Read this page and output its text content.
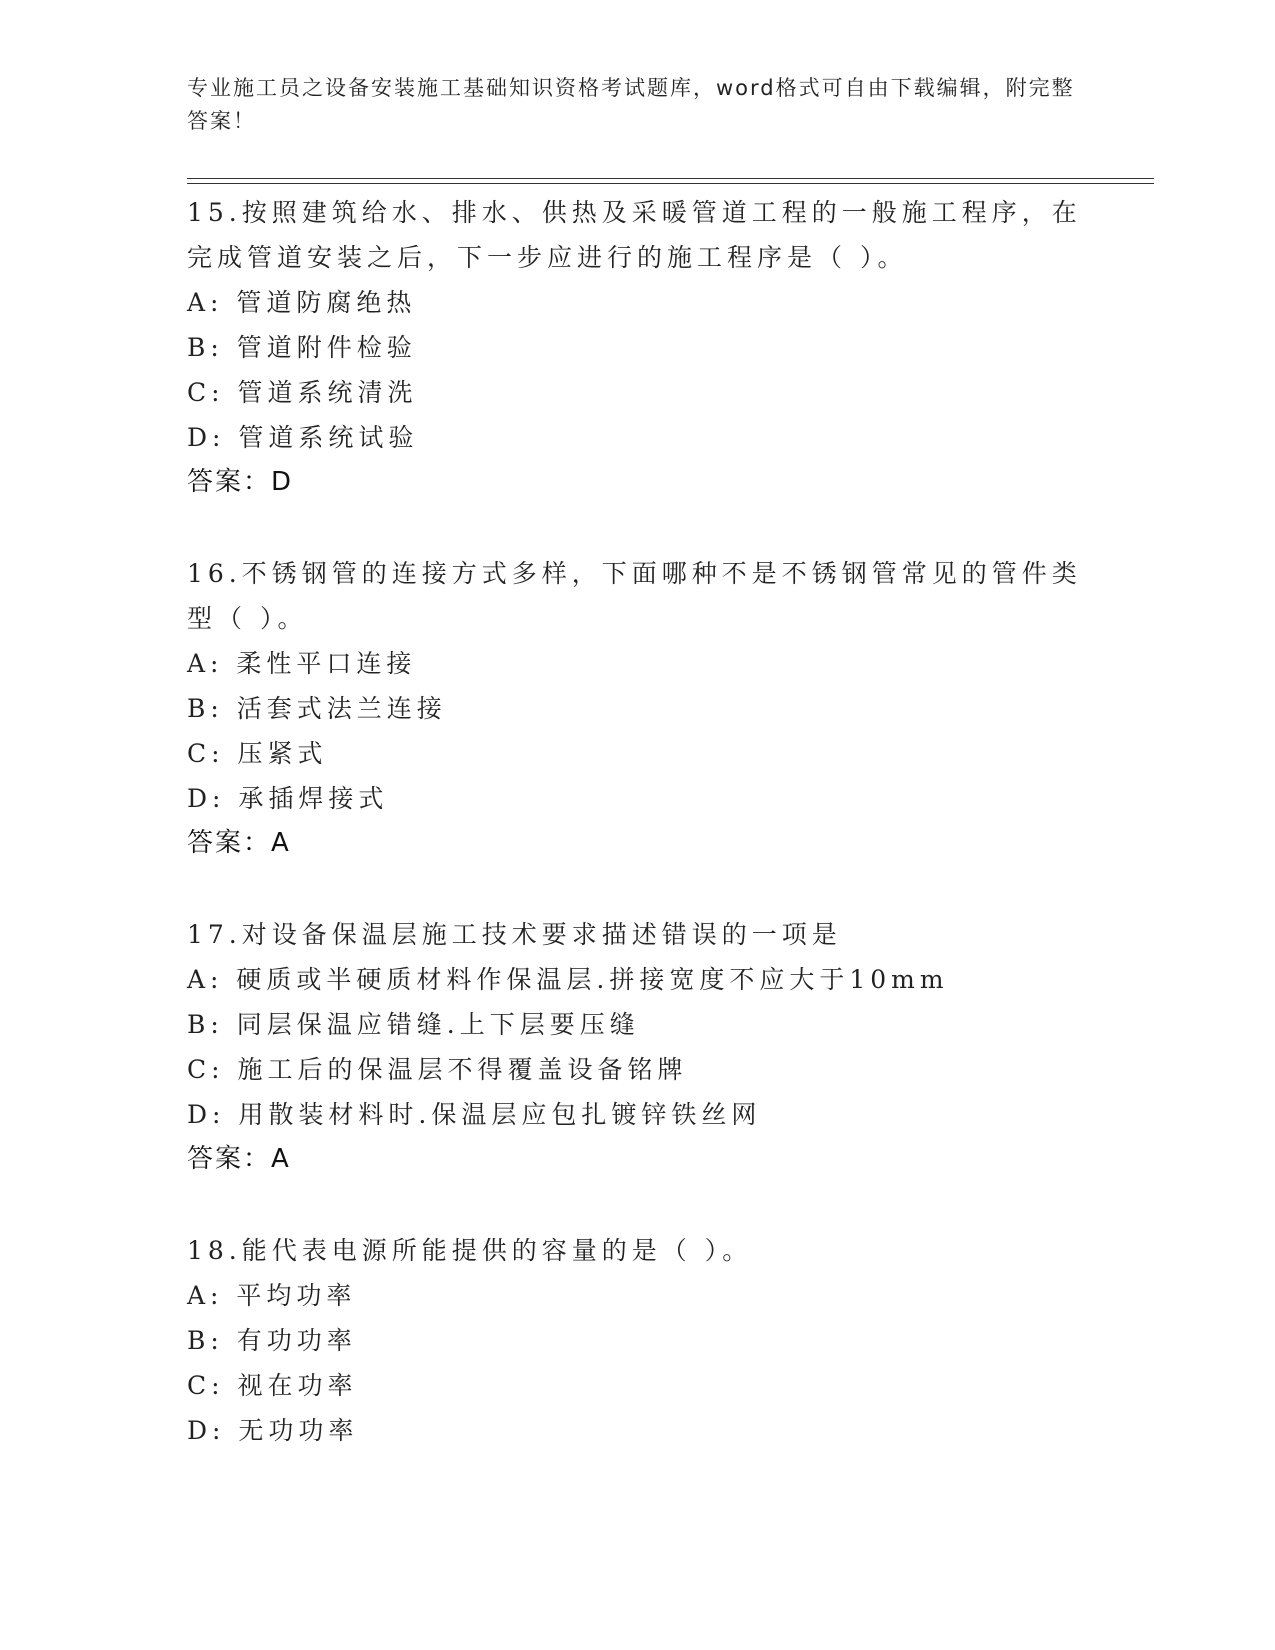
专业施工员之设备安装施工基础知识资格考试题库，word格式可自由下载编辑，附完整答案！

15.按照建筑给水、排水、供热及采暖管道工程的一般施工程序，在完成管道安装之后，下一步应进行的施工程序是（ ）。

A: 管道防腐绝热

B: 管道附件检验

C: 管道系统清洗

D: 管道系统试验

答案：D

16.不锈钢管的连接方式多样，下面哪种不是不锈钢管常见的管件类型（ ）。

A: 柔性平口连接

B: 活套式法兰连接

C: 压紧式

D: 承插焊接式

答案：A

17.对设备保温层施工技术要求描述错误的一项是

A: 硬质或半硬质材料作保温层.拼接宽度不应大于10mm

B: 同层保温应错缝.上下层要压缝

C: 施工后的保温层不得覆盖设备铭牌

D: 用散装材料时.保温层应包扎镀锌铁丝网

答案：A

18.能代表电源所能提供的容量的是（ ）。

A: 平均功率

B: 有功功率

C: 视在功率

D: 无功功率
